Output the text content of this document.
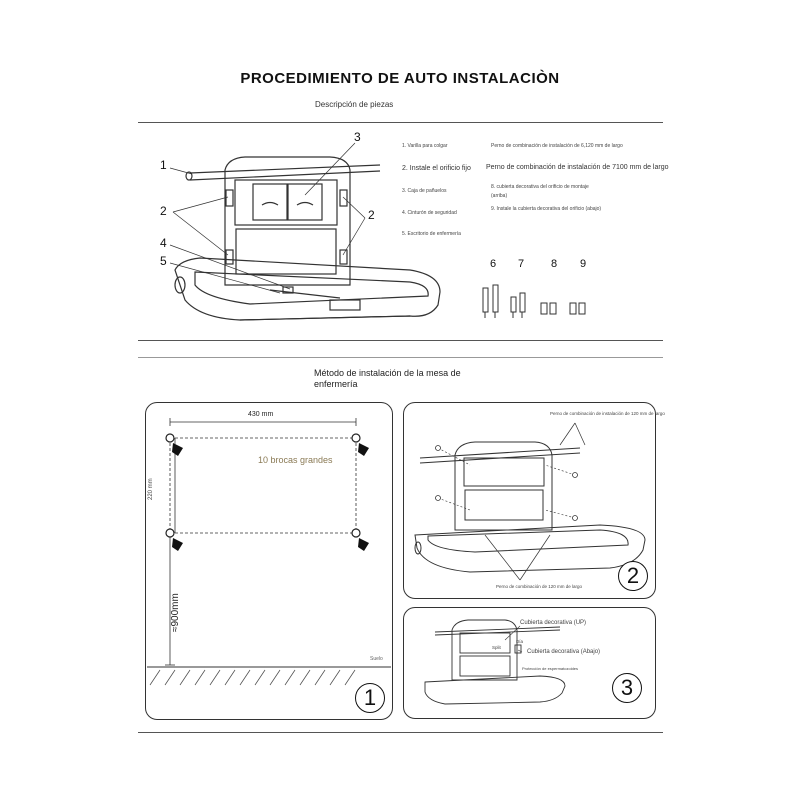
PROCEDIMIENTO DE AUTO INSTALACIÒN
Descripción de piezas
1
2	2
3
4
5
1. Varilla para colgar
2. Instale el orificio fijo
3. Caja de pañuelos
4. Cinturón de seguridad
5. Escritorio de enfermería
Perno de combinación de instalación de 6,120 mm de largo
Perno de combinación de instalación de 7100 mm de largo
8. cubierta decorativa del orificio de montaje
(arriba)
9. Instale la cubierta decorativa del orificio (abajo)
6 7 8 9
Método de instalación de la mesa de enfermería
430 mm
220 mm
≈900mm
10 brocas grandes
Suelo
1
Perno de combinación de instalación de 120 mm de largo
Perno de combinación de 120 mm de largo	2
Cubierta decorativa (UP)
Cubierta decorativa (Abajo)
Split
Día
Protección de espermatozoides
3
